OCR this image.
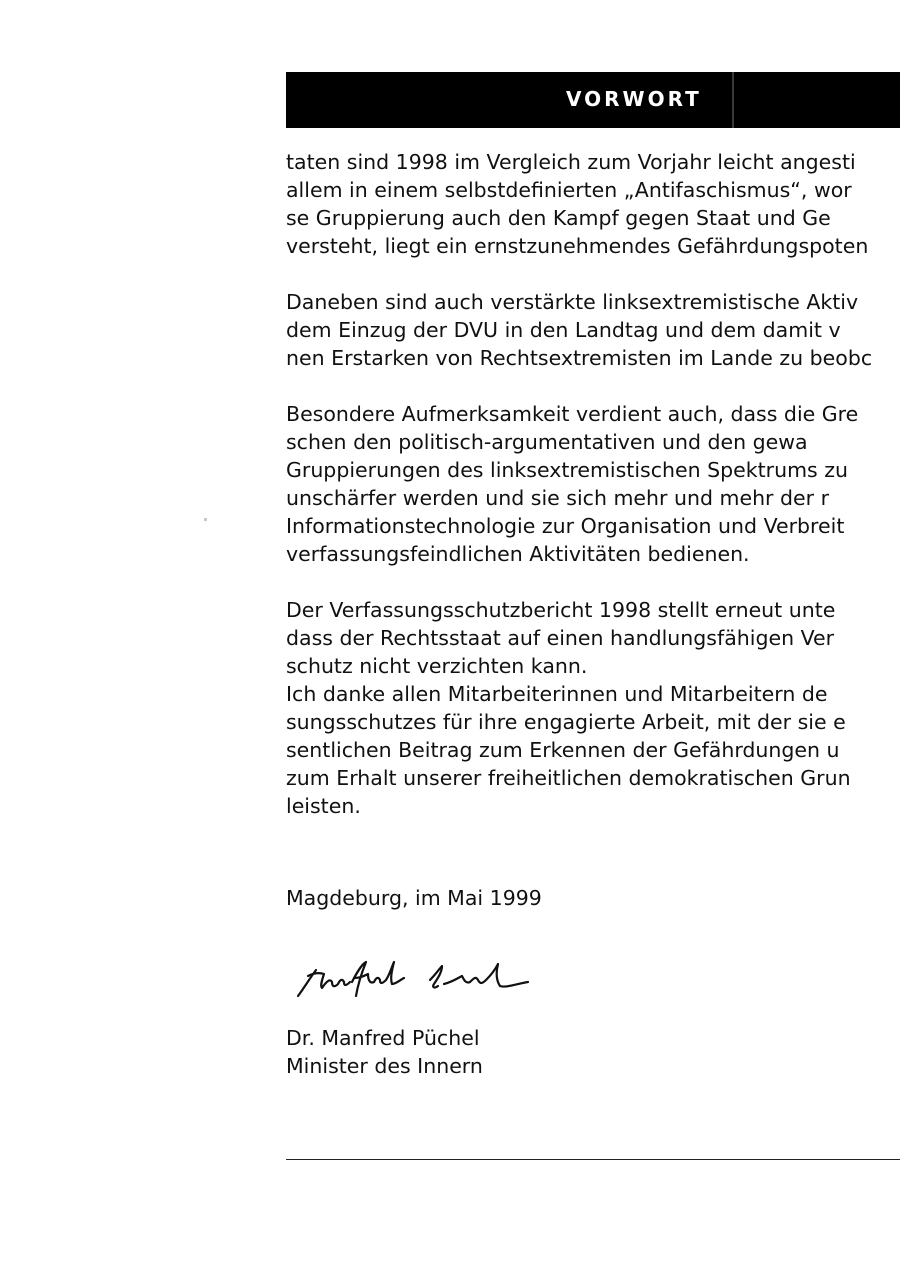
VORWORT
taten sind 1998 im Vergleich zum Vorjahr leicht angesti
allem in einem selbstdefinierten „Antifaschismus“, wor
se Gruppierung auch den Kampf gegen Staat und Ge
versteht, liegt ein ernstzunehmendes Gefährdungspoten
Daneben sind auch verstärkte linksextremistische Aktiv
dem Einzug der DVU in den Landtag und dem damit v
nen Erstarken von Rechtsextremisten im Lande zu beobc
Besondere Aufmerksamkeit verdient auch, dass die Gre
schen den politisch-argumentativen und den gewa
Gruppierungen des linksextremistischen Spektrums zu
unschärfer werden und sie sich mehr und mehr der r
Informationstechnologie zur Organisation und Verbreit
verfassungsfeindlichen Aktivitäten bedienen.
Der Verfassungsschutzbericht 1998 stellt erneut unte
dass der Rechtsstaat auf einen handlungsfähigen Ver
schutz nicht verzichten kann.
Ich danke allen Mitarbeiterinnen und Mitarbeitern de
sungsschutzes für ihre engagierte Arbeit, mit der sie e
sentlichen Beitrag zum Erkennen der Gefährdungen u
zum Erhalt unserer freiheitlichen demokratischen Grun
leisten.
Magdeburg, im Mai 1999
Dr. Manfred Püchel
Minister des Innern
